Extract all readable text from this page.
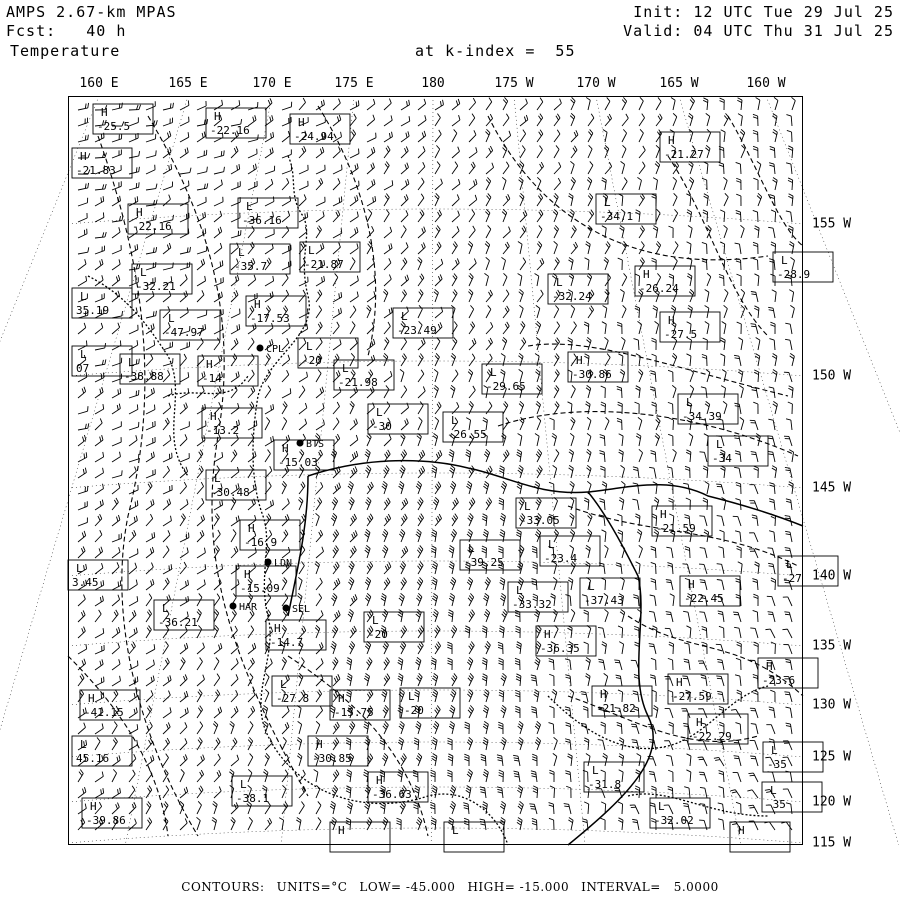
AMPS 2.67-km MPAS
Fcst: 40 h
Temperature
Init: 12 UTC Tue 29 Jul 25
Valid: 04 UTC Thu 31 Jul 25
at k-index =  55
160 E	165 E	170 E	175 E	180	175 W	170 W	165 W	160 W
155 W
150 W
145 W
140 W
135 W
130 W
125 W
120 W
115 W
CPL
BTS
LDN
SEL
HAR
H
-25.5
H
-22.16
H
-24.94
H
-21.83
H
-21.27
H
-22.16
L
-36.16
L
-34.1
L
-35.7
L
-21.87
L
-32.21	L
-32.24
H
-26.24
L
-28.9
L
35.19	H
-17.53
L
-47.97
L
-23.49
H
-27.5
L
-20
L
07	L
-38.88
H
-14
L
-21.98
L
-29.65
H
-30.86
L
-34.39
H
-13.2
L
-30	L
-26.55
H
-15.03
L
-34
L
-30.48
L
-33.05	H
-21.59
H
-16.9	L
-39.25
L
-23.4
L
3.45
L
-27
H
-15.09	L
-33.32
L
-37.43
H
-22.45
L
-36.21	L
-20
H
-14.7
H
-36.35
H
-23.6
H
-41.15
L
-27.8	H
-15.75
L
-20
H
-21.82
H
-27.59
L
45.16
H
-30.85
H
-22.29
L
-35
L
-38.1
H
-36.63
L
-31.8	L
-35
H
-39.86
L
-32.02
H	L	H
CONTOURS: UNITS=°C LOW= -45.000 HIGH= -15.000 INTERVAL=   5.0000
